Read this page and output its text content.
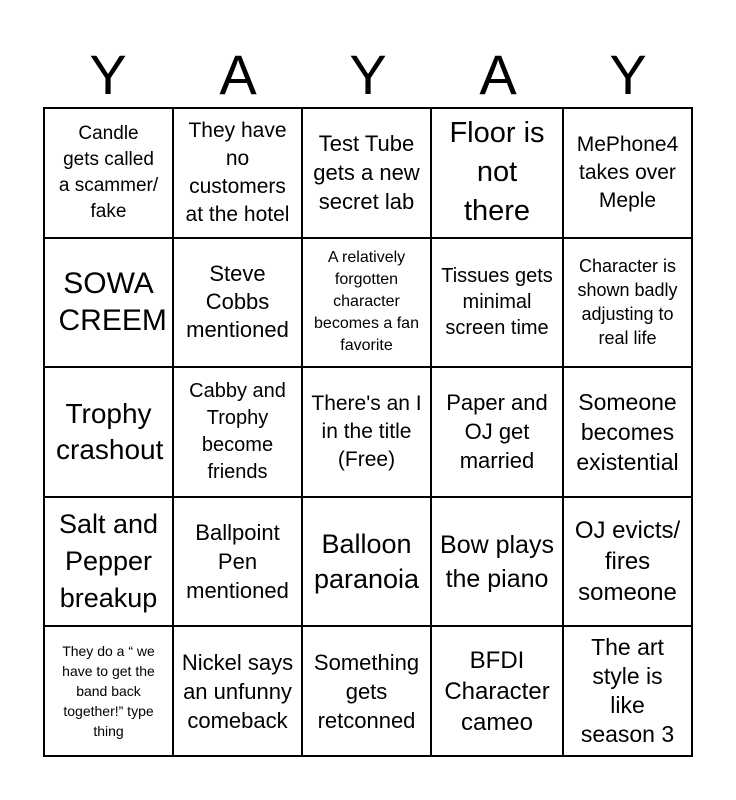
Y	A	Y	A	Y
Candle gets called a scammer/ fake
They have no customers at the hotel
Test Tube gets a new secret lab
Floor is not there
MePhone4 takes over Meple
SOWA CREEM
Steve Cobbs mentioned
A relatively forgotten character becomes a fan favorite
Tissues gets minimal screen time
Character is shown badly adjusting to real life
Trophy crashout
Cabby and Trophy become friends
There's an I in the title (Free)
Paper and OJ get married
Someone becomes existential
Salt and Pepper breakup
Ballpoint Pen mentioned
Balloon paranoia
Bow plays the piano
OJ evicts/ fires someone
They do a “ we have to get the band back together!” type thing
Nickel says an unfunny comeback
Something gets retconned
BFDI Character cameo
The art style is like season 3
